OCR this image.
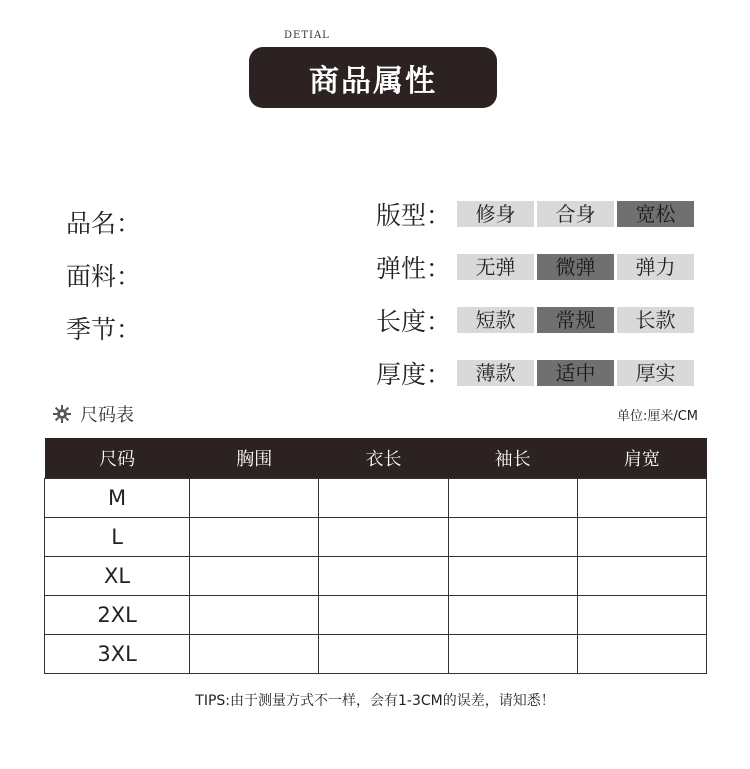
DETIAL
商品属性
品名：
面料：
季节：
版型：	修身	合身	宽松
弹性：	无弹	微弹	弹力
长度：	短款	常规	长款
厚度：	薄款	适中	厚实
尺码表	单位:厘米/CM
尺码	胸围	衣长	袖长	肩宽
M				
L				
XL				
2XL				
3XL				
TIPS:由于测量方式不一样，会有1-3CM的误差，请知悉！
